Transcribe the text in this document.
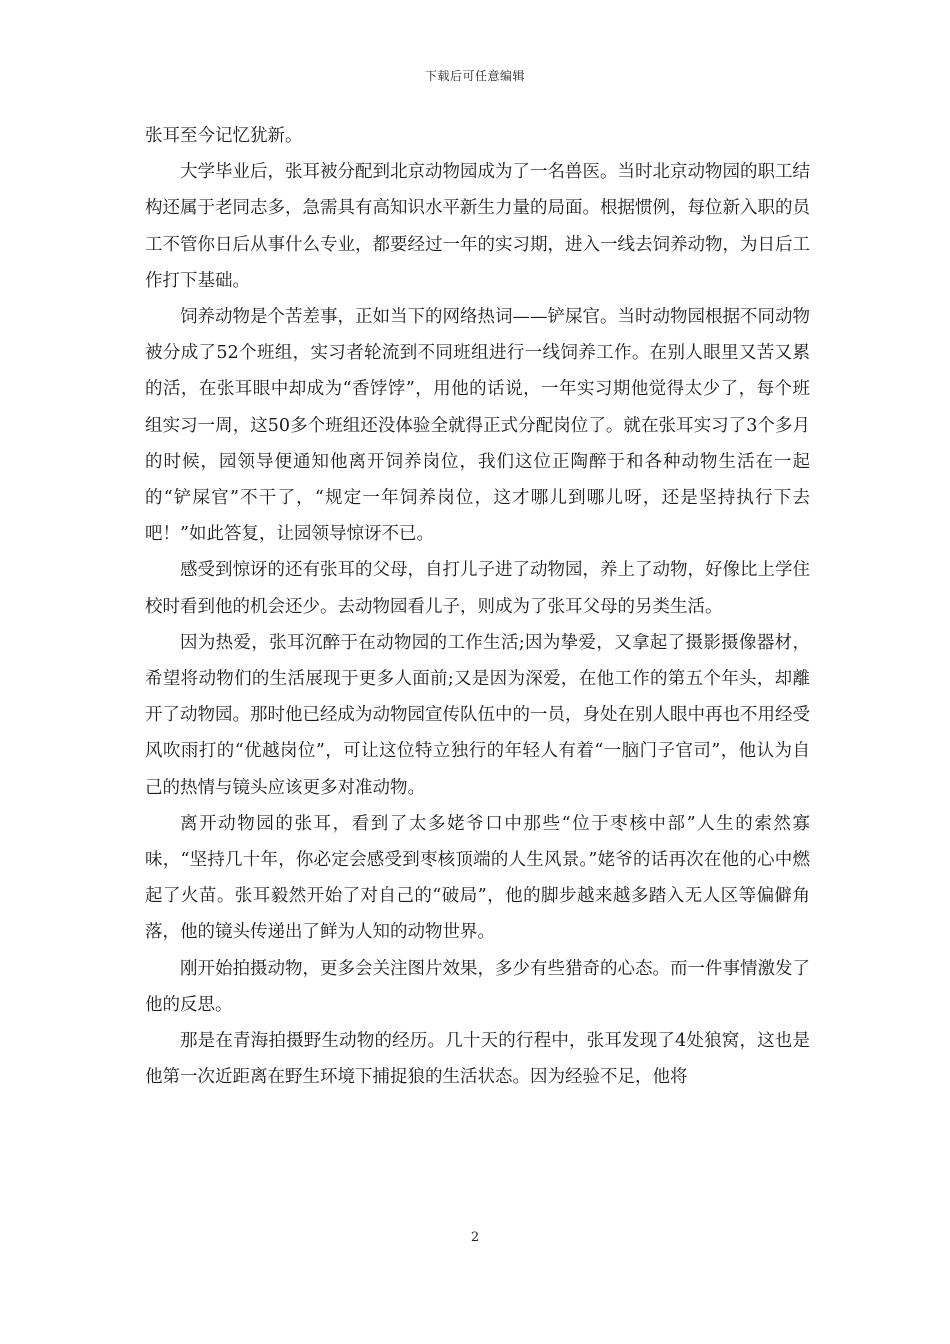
下载后可任意编辑

张耳至今记忆犹新。

大学毕业后，张耳被分配到北京动物园成为了一名兽医。当时北京动物园的职工结构还属于老同志多，急需具有高知识水平新生力量的局面。根据惯例，每位新入职的员工不管你日后从事什么专业，都要经过一年的实习期，进入一线去饲养动物，为日后工作打下基础。

饲养动物是个苦差事，正如当下的网络热词——铲屎官。当时动物园根据不同动物被分成了52个班组，实习者轮流到不同班组进行一线饲养工作。在别人眼里又苦又累的活，在张耳眼中却成为“香饽饽”，用他的话说，一年实习期他觉得太少了，每个班组实习一周，这50多个班组还没体验全就得正式分配岗位了。就在张耳实习了3个多月的时候，园领导便通知他离开饲养岗位，我们这位正陶醉于和各种动物生活在一起的“铲屎官”不干了，“规定一年饲养岗位，这才哪儿到哪儿呀，还是坚持执行下去吧！”如此答复，让园领导惊讶不已。

感受到惊讶的还有张耳的父母，自打儿子进了动物园，养上了动物，好像比上学住校时看到他的机会还少。去动物园看儿子，则成为了张耳父母的另类生活。

因为热爱，张耳沉醉于在动物园的工作生活;因为挚爱，又拿起了摄影摄像器材，希望将动物们的生活展现于更多人面前;又是因为深爱，在他工作的第五个年头，却離开了动物园。那时他已经成为动物园宣传队伍中的一员，身处在别人眼中再也不用经受风吹雨打的“优越岗位”，可让这位特立独行的年轻人有着“一脑门子官司”，他认为自己的热情与镜头应该更多对准动物。

离开动物园的张耳，看到了太多姥爷口中那些“位于枣核中部”人生的索然寡味，“坚持几十年，你必定会感受到枣核顶端的人生风景。”姥爷的话再次在他的心中燃起了火苗。张耳毅然开始了对自己的“破局”，他的脚步越来越多踏入无人区等偏僻角落，他的镜头传递出了鲜为人知的动物世界。

刚开始拍摄动物，更多会关注图片效果，多少有些猎奇的心态。而一件事情激发了他的反思。

那是在青海拍摄野生动物的经历。几十天的行程中，张耳发现了4处狼窝，这也是他第一次近距离在野生环境下捕捉狼的生活状态。因为经验不足，他将

2
